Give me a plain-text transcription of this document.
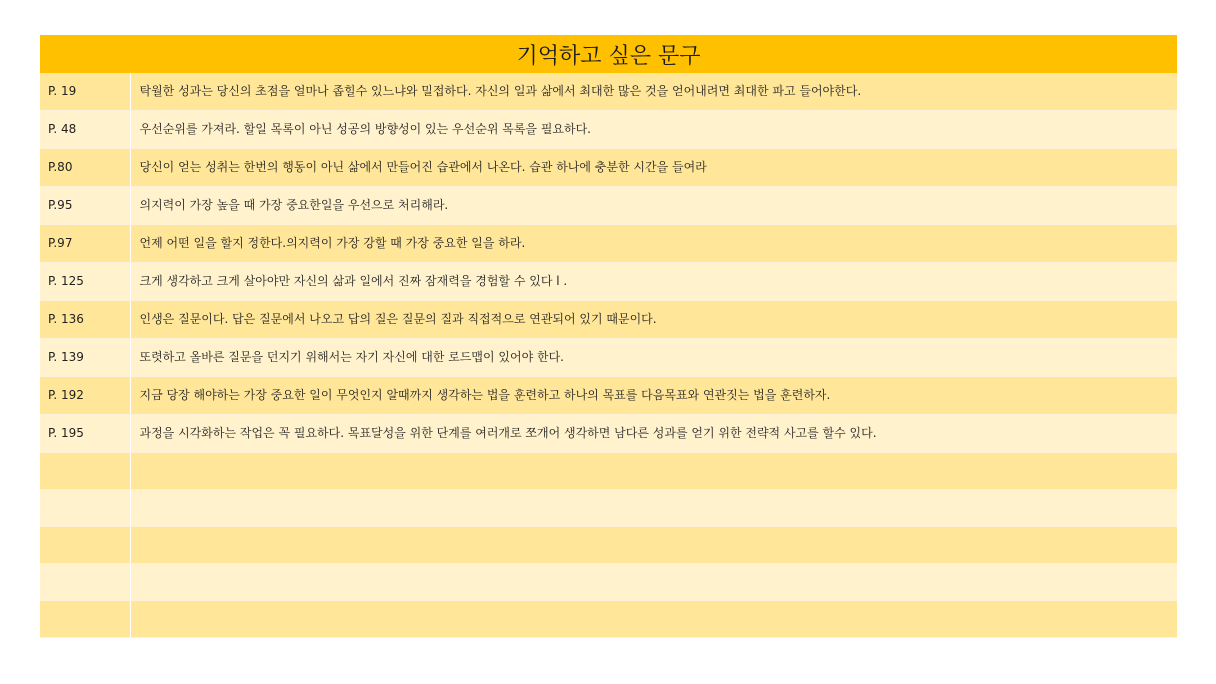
기억하고 싶은 문구
P. 19	탁월한 성과는 당신의 초점을 얼마나 좁힐수 있느냐와 밀접하다. 자신의 일과 삶에서 최대한 많은 것을 얻어내려면 최대한 파고 들어야한다.
P. 48	우선순위를 가져라. 할일 목록이 아닌 성공의 방향성이 있는 우선순위 목록을 필요하다.
P.80	당신이 얻는 성취는 한번의 행동이 아닌 삶에서 만들어진 습관에서 나온다. 습관 하나에 충분한 시간을 들여라
P.95	의지력이 가장 높을 때 가장 중요한일을 우선으로 처리해라.
P.97	언제 어떤 일을 할지 정한다.의지력이 가장 강할 때 가장 중요한 일을 하라.
P. 125	크게 생각하고 크게 살아야만 자신의 삶과 일에서 진짜 잠재력을 경험할 수 있다 l .
P. 136	인생은 질문이다. 답은 질문에서 나오고 답의 질은 질문의 질과 직접적으로 연관되어 있기 때문이다.
P. 139	또렷하고 올바른 질문을 던지기 위해서는 자기 자신에 대한 로드맵이 있어야 한다.
P. 192	지금 당장 해야하는 가장 중요한 일이 무엇인지 알때까지 생각하는 법을 훈련하고 하나의 목표를 다음목표와 연관짓는 법을 훈련하자.
P. 195	과정을 시각화하는 작업은 꼭 필요하다. 목표달성을 위한 단계를 여러개로 쪼개어 생각하면 남다른 성과를 얻기 위한 전략적 사고를 할수 있다.
